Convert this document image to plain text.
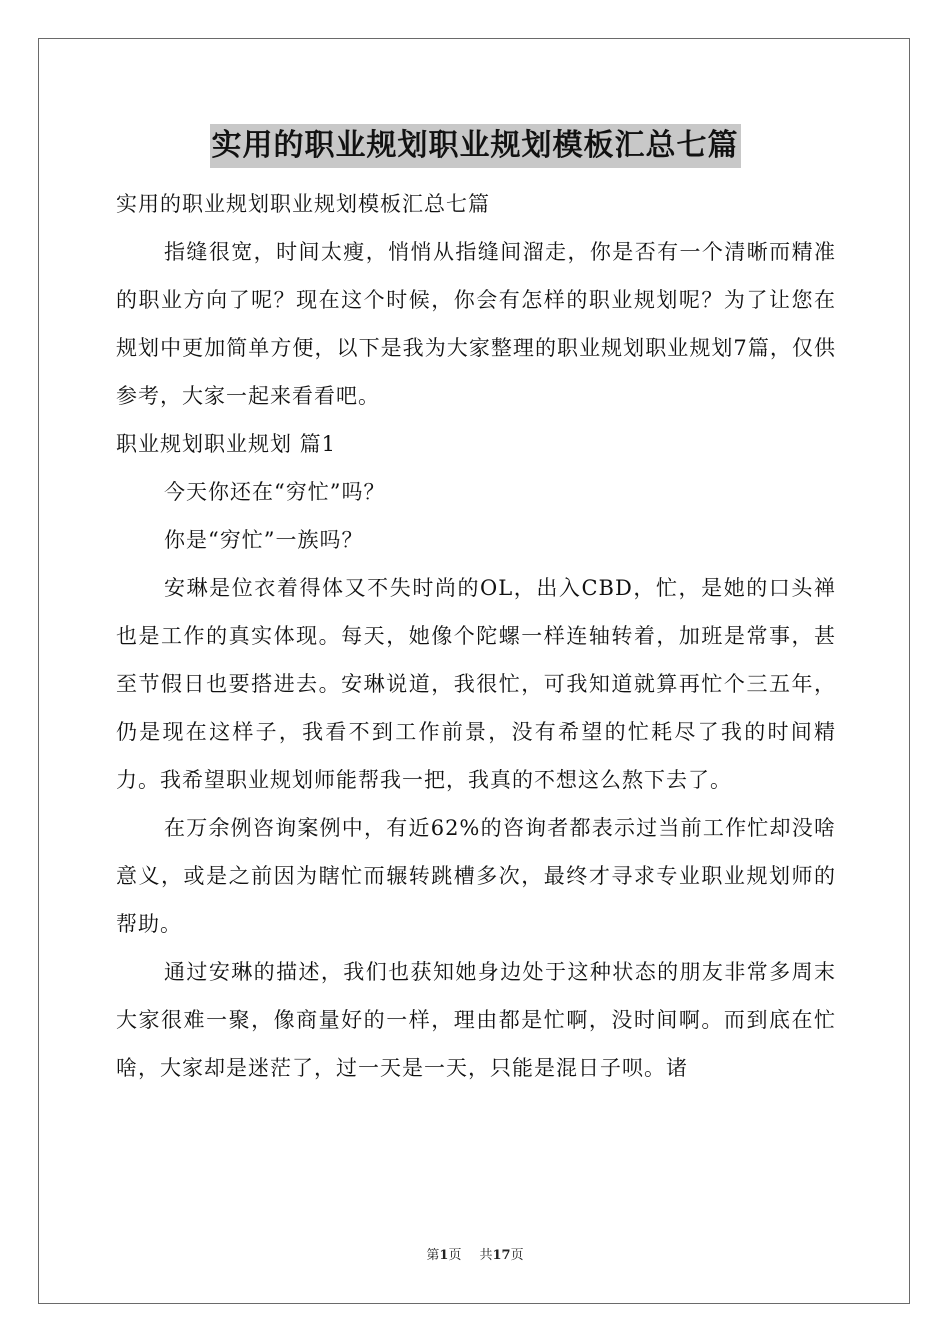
实用的职业规划职业规划模板汇总七篇

实用的职业规划职业规划模板汇总七篇

指缝很宽，时间太瘦，悄悄从指缝间溜走，你是否有一个清晰而精准的职业方向了呢？现在这个时候，你会有怎样的职业规划呢？为了让您在规划中更加简单方便，以下是我为大家整理的职业规划职业规划7篇，仅供参考，大家一起来看看吧。

职业规划职业规划 篇1

今天你还在“穷忙”吗？

你是“穷忙”一族吗？

安琳是位衣着得体又不失时尚的OL，出入CBD，忙，是她的口头禅也是工作的真实体现。每天，她像个陀螺一样连轴转着，加班是常事，甚至节假日也要搭进去。安琳说道，我很忙，可我知道就算再忙个三五年，仍是现在这样子，我看不到工作前景，没有希望的忙耗尽了我的时间精力。我希望职业规划师能帮我一把，我真的不想这么熬下去了。

在万余例咨询案例中，有近62%的咨询者都表示过当前工作忙却没啥意义，或是之前因为瞎忙而辗转跳槽多次，最终才寻求专业职业规划师的帮助。

通过安琳的描述，我们也获知她身边处于这种状态的朋友非常多周末大家很难一聚，像商量好的一样，理由都是忙啊，没时间啊。而到底在忙啥，大家却是迷茫了，过一天是一天，只能是混日子呗。诸

第1页 共17页
